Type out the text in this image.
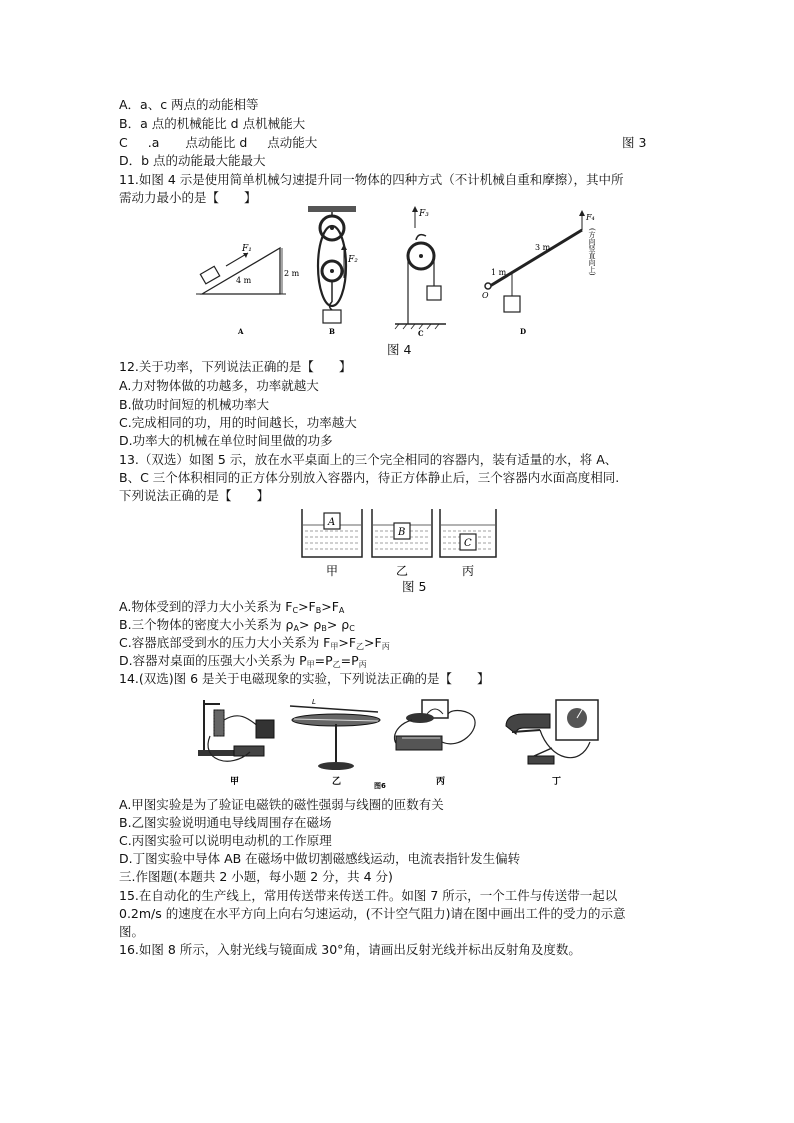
A．a、c 两点的动能相等
B．a 点的机械能比 d 点机械能大
C .a 点动能比 d 点动能大	图 3
D．b 点的动能最大能最大
11.如图 4 示是使用简单机械匀速提升同一物体的四种方式（不计机械自重和摩擦），其中所
需动力最小的是【　　】
F₁
4 m
2 m
A
F₂
B
F₃
C
O
F₄
(方向竖直向上)
3 m
1 m
D
图 4
12.关于功率，下列说法正确的是【　　】
A.力对物体做的功越多，功率就越大
B.做功时间短的机械功率大
C.完成相同的功，用的时间越长，功率越大
D.功率大的机械在单位时间里做的功多
13.（双选）如图 5 示，放在水平桌面上的三个完全相同的容器内，装有适量的水，将 A、
B、C 三个体积相同的正方体分别放入容器内，待正方体静止后，三个容器内水面高度相同.
下列说法正确的是【　　】
A
甲
B
乙
C
丙
图 5
A.物体受到的浮力大小关系为 $F_C>F_B>F_A$
B.三个物体的密度大小关系为 $\rho_A> \rho_B> \rho_C$
C.容器底部受到水的压力大小关系为 $F_甲>F_乙>F_丙$
D.容器对桌面的压强大小关系为 $P_甲=P_乙=P_丙$
14.(双选)图 6 是关于电磁现象的实验，下列说法正确的是【　　】
甲
L
乙	丙	丁
图6
A.甲图实验是为了验证电磁铁的磁性强弱与线圈的匝数有关
B.乙图实验说明通电导线周围存在磁场
C.丙图实验可以说明电动机的工作原理
D.丁图实验中导体 AB 在磁场中做切割磁感线运动，电流表指针发生偏转
三.作图题(本题共 2 小题，每小题 2 分，共 4 分)
15.在自动化的生产线上，常用传送带来传送工件。如图 7 所示，一个工件与传送带一起以
0.2m/s 的速度在水平方向上向右匀速运动，(不计空气阻力)请在图中画出工件的受力的示意
图。
16.如图 8 所示，入射光线与镜面成 30°角，请画出反射光线并标出反射角及度数。
